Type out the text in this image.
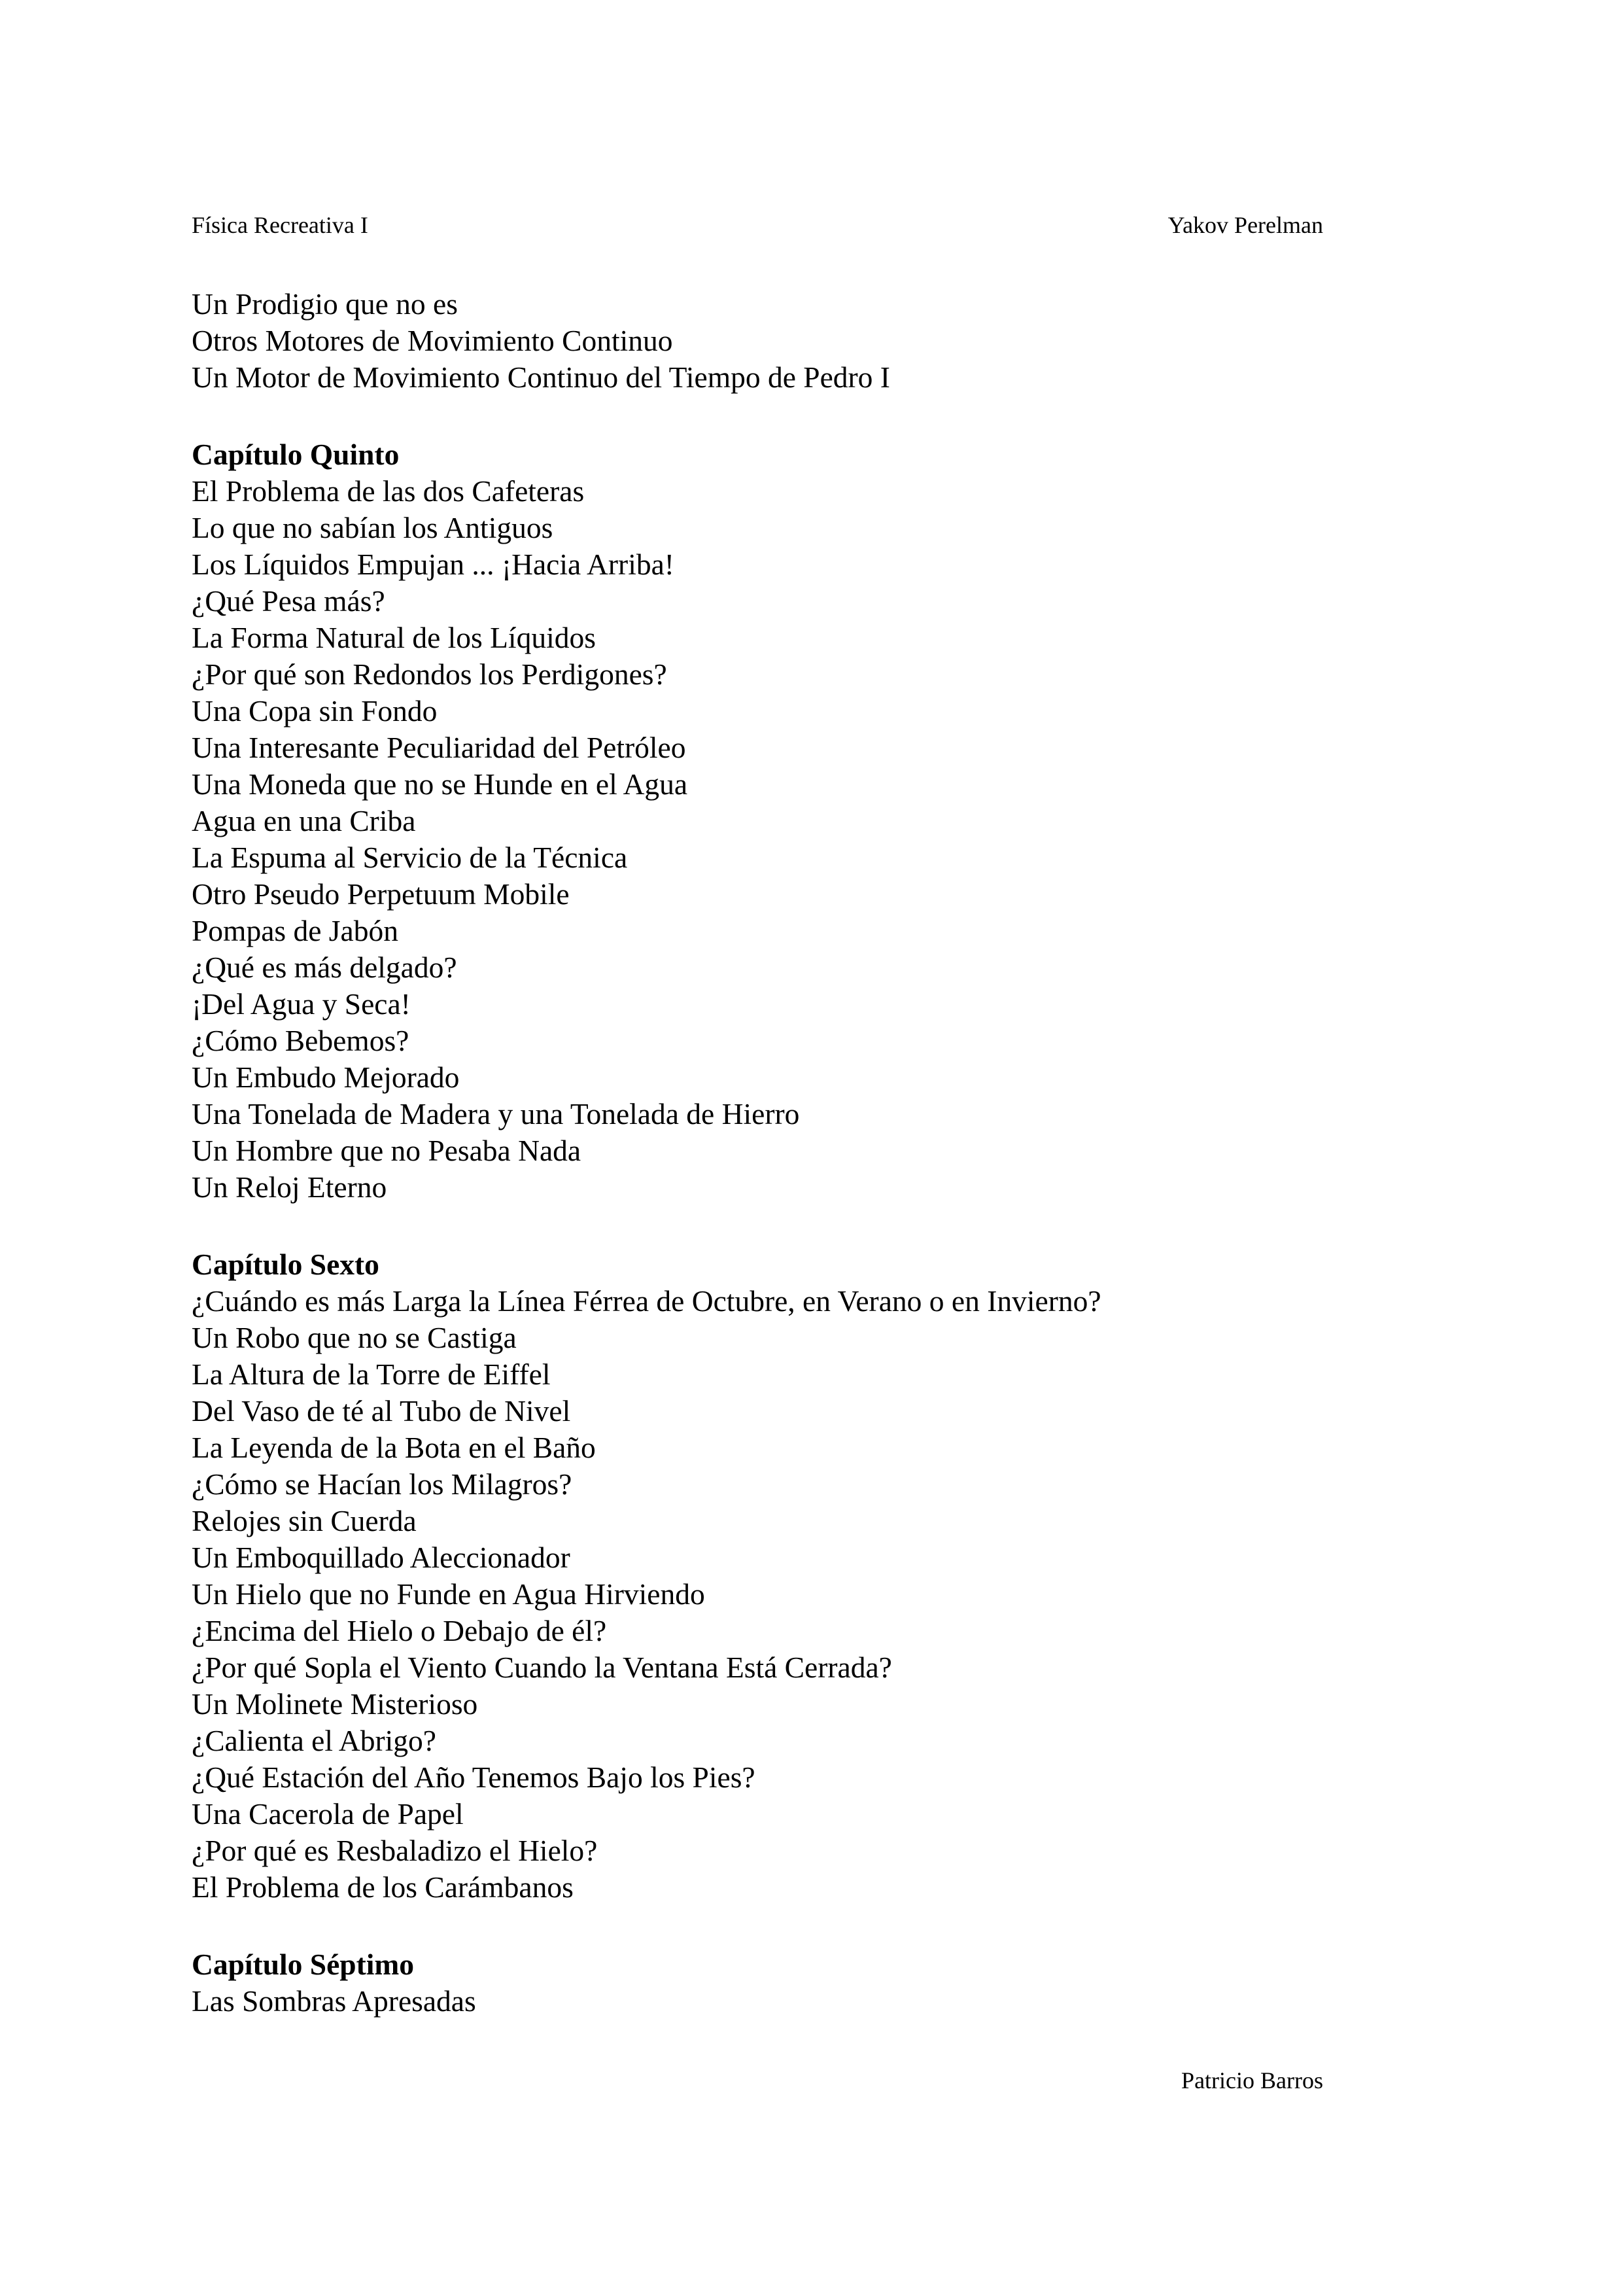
Física Recreativa I	Yakov Perelman
Un Prodigio que no es
Otros Motores de Movimiento Continuo
Un Motor de Movimiento Continuo del Tiempo de Pedro I
Capítulo Quinto
El Problema de las dos Cafeteras
Lo que no sabían los Antiguos
Los Líquidos Empujan ... ¡Hacia Arriba!
¿Qué Pesa más?
La Forma Natural de los Líquidos
¿Por qué son Redondos los Perdigones?
Una Copa sin Fondo
Una Interesante Peculiaridad del Petróleo
Una Moneda que no se Hunde en el Agua
Agua en una Criba
La Espuma al Servicio de la Técnica
Otro Pseudo Perpetuum Mobile
Pompas de Jabón
¿Qué es más delgado?
¡Del Agua y Seca!
¿Cómo Bebemos?
Un Embudo Mejorado
Una Tonelada de Madera y una Tonelada de Hierro
Un Hombre que no Pesaba Nada
Un Reloj Eterno
Capítulo Sexto
¿Cuándo es más Larga la Línea Férrea de Octubre, en Verano o en Invierno?
Un Robo que no se Castiga
La Altura de la Torre de Eiffel
Del Vaso de té al Tubo de Nivel
La Leyenda de la Bota en el Baño
¿Cómo se Hacían los Milagros?
Relojes sin Cuerda
Un Emboquillado Aleccionador
Un Hielo que no Funde en Agua Hirviendo
¿Encima del Hielo o Debajo de él?
¿Por qué Sopla el Viento Cuando la Ventana Está Cerrada?
Un Molinete Misterioso
¿Calienta el Abrigo?
¿Qué Estación del Año Tenemos Bajo los Pies?
Una Cacerola de Papel
¿Por qué es Resbaladizo el Hielo?
El Problema de los Carámbanos
Capítulo Séptimo
Las Sombras Apresadas
Patricio Barros
